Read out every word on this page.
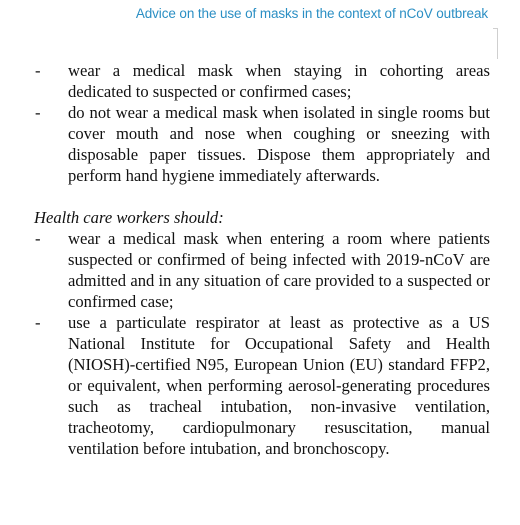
Advice on the use of masks in the context of nCoV outbreak

- wear a medical mask when staying in cohorting areas dedicated to suspected or confirmed cases;
- do not wear a medical mask when isolated in single rooms but cover mouth and nose when coughing or sneezing with disposable paper tissues. Dispose them appropriately and perform hand hygiene immediately afterwards.

Health care workers should:

- wear a medical mask when entering a room where patients suspected or confirmed of being infected with 2019-nCoV are admitted and in any situation of care provided to a suspected or confirmed case;
- use a particulate respirator at least as protective as a US National Institute for Occupational Safety and Health (NIOSH)-certified N95, European Union (EU) standard FFP2, or equivalent, when performing aerosol-generating procedures such as tracheal intubation, non-invasive ventilation, tracheotomy, cardiopulmonary resuscitation, manual ventilation before intubation, and bronchoscopy.
